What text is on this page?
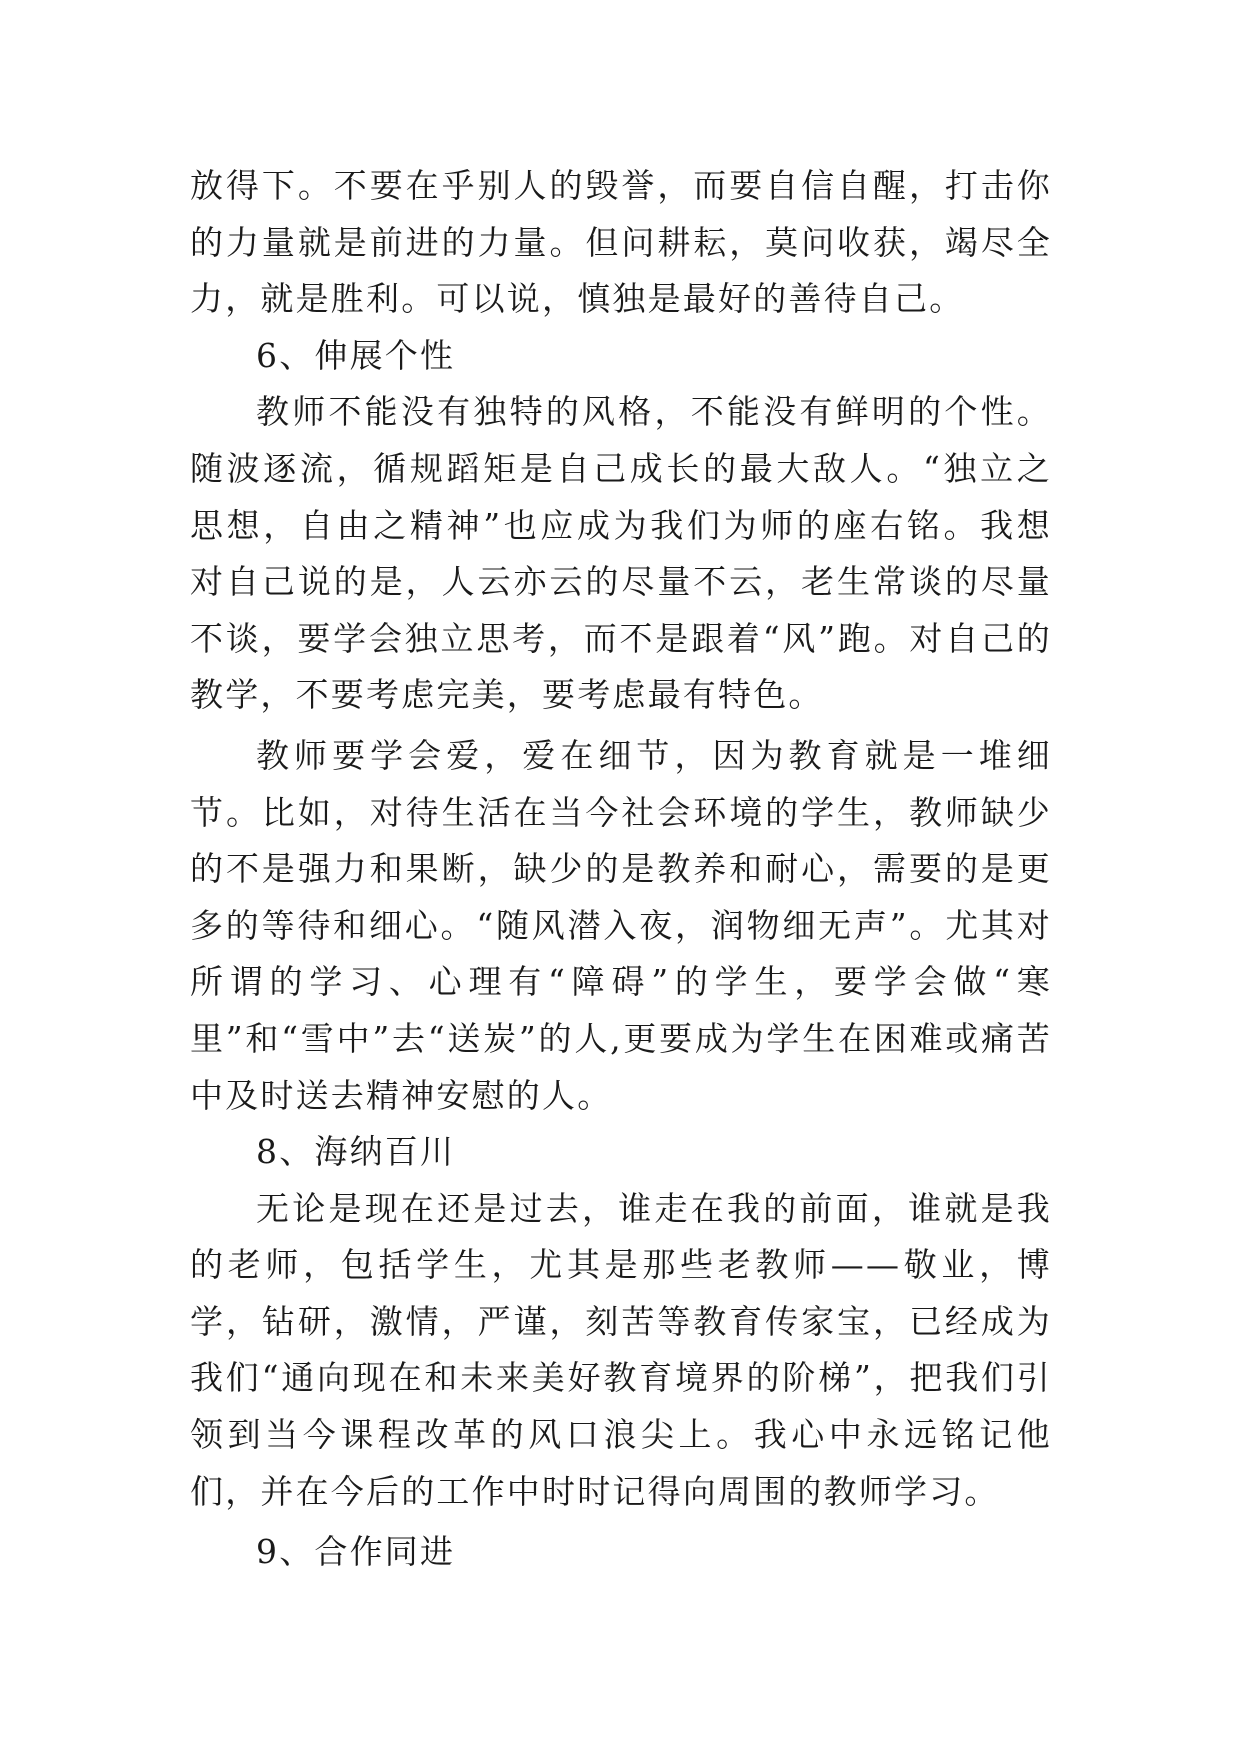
放得下。不要在乎别人的毁誉，而要自信自醒，打击你的力量就是前进的力量。但问耕耘，莫问收获，竭尽全力，就是胜利。可以说，慎独是最好的善待自己。

6、伸展个性

教师不能没有独特的风格，不能没有鲜明的个性。随波逐流，循规蹈矩是自己成长的最大敌人。“独立之思想，自由之精神”也应成为我们为师的座右铭。我想对自己说的是，人云亦云的尽量不云，老生常谈的尽量不谈，要学会独立思考，而不是跟着“风”跑。对自己的教学，不要考虑完美，要考虑最有特色。

教师要学会爱，爱在细节，因为教育就是一堆细节。比如，对待生活在当今社会环境的学生，教师缺少的不是强力和果断，缺少的是教养和耐心，需要的是更多的等待和细心。“随风潜入夜，润物细无声”。尤其对所谓的学习、心理有“障碍”的学生，要学会做“寒里”和“雪中”去“送炭”的人,更要成为学生在困难或痛苦中及时送去精神安慰的人。

8、海纳百川

无论是现在还是过去，谁走在我的前面，谁就是我的老师，包括学生，尤其是那些老教师——敬业，博学，钻研，激情，严谨，刻苦等教育传家宝，已经成为我们“通向现在和未来美好教育境界的阶梯”，把我们引领到当今课程改革的风口浪尖上。我心中永远铭记他们，并在今后的工作中时时记得向周围的教师学习。

9、合作同进
